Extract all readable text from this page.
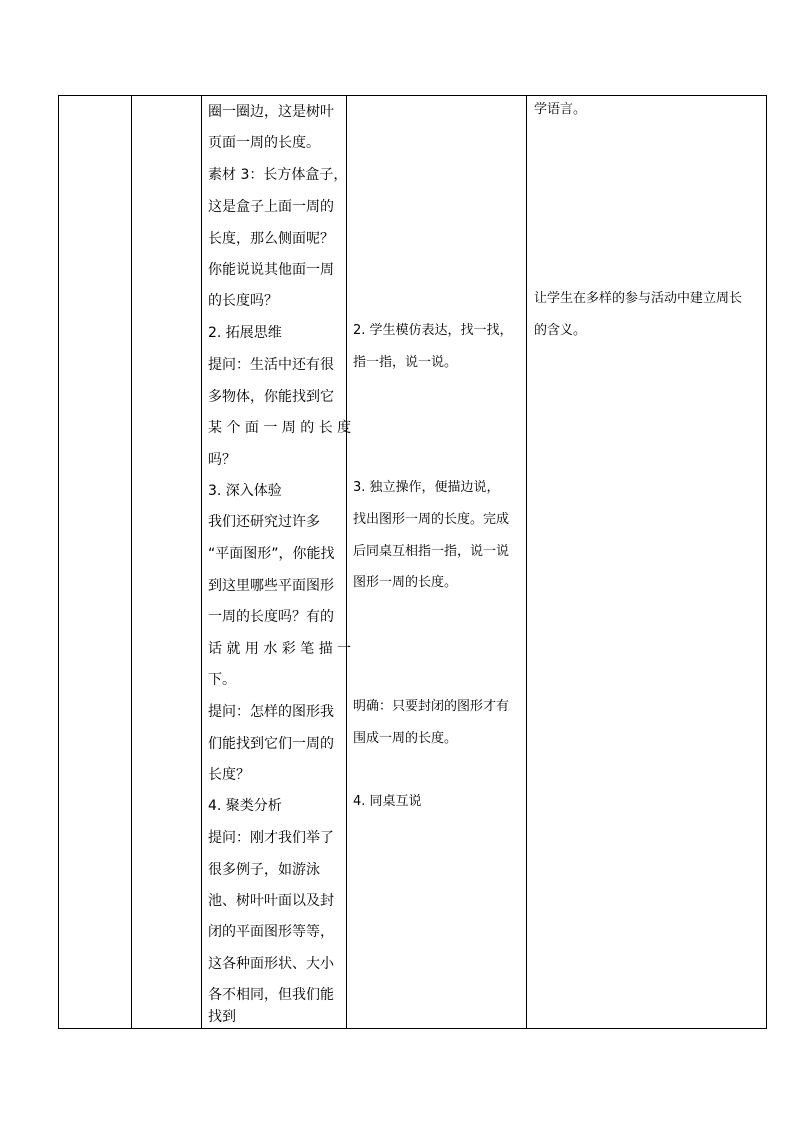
圈一圈边，这是树叶
页面一周的长度。
素材 3：长方体盒子，
这是盒子上面一周的
长度，那么侧面呢？
你能说说其他面一周
的长度吗？
2. 拓展思维
提问：生活中还有很
多物体，你能找到它
某 个 面 一 周 的 长 度
吗？
3. 深入体验
我们还研究过许多
“平面图形”，你能找
到这里哪些平面图形
一周的长度吗？有的
话 就 用 水 彩 笔 描 一
下。
提问：怎样的图形我
们能找到它们一周的
长度？
4. 聚类分析
提问：刚才我们举了
很多例子，如游泳
池、树叶叶面以及封
闭的平面图形等等，
这各种面形状、大小
各不相同，但我们能
找到
2. 学生模仿表达，找一找，
指一指，说一说。
3. 独立操作，便描边说，
找出图形一周的长度。完成
后同桌互相指一指，说一说
图形一周的长度。
明确：只要封闭的图形才有
围成一周的长度。
4. 同桌互说
学语言。
让学生在多样的参与活动中建立周长
的含义。
